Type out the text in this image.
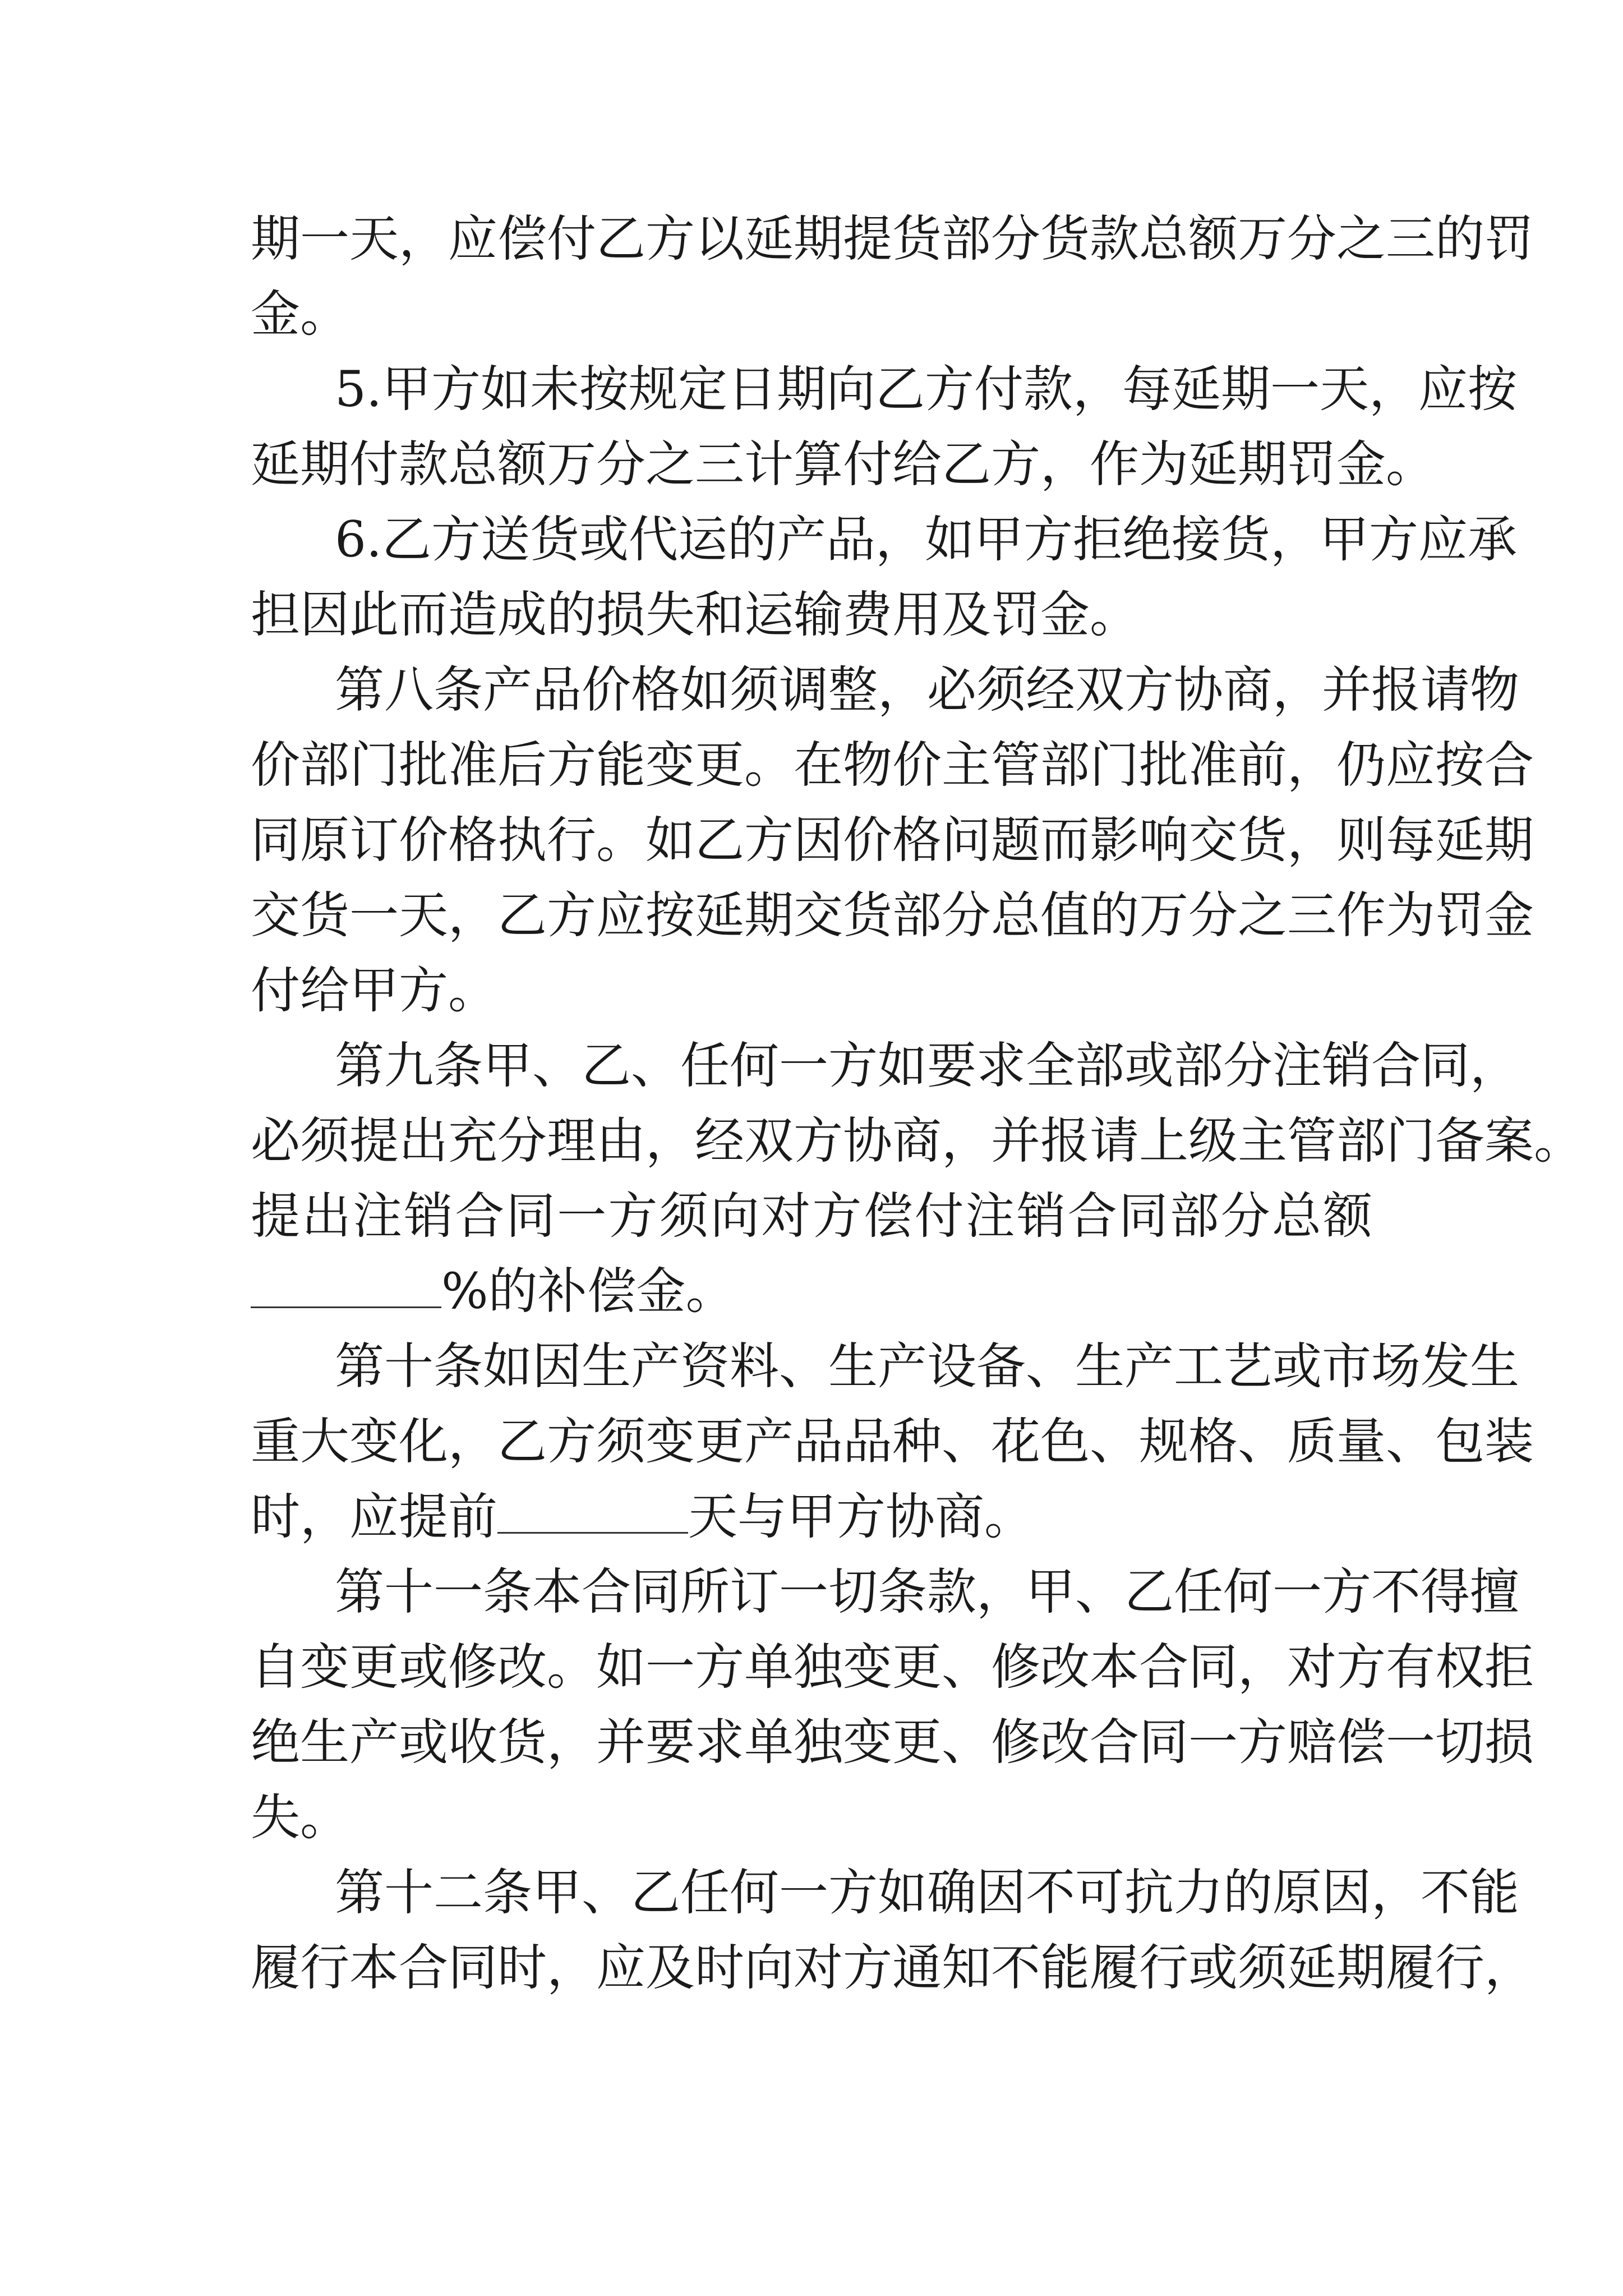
期一天，应偿付乙方以延期提货部分货款总额万分之三的罚
金。
5.甲方如未按规定日期向乙方付款，每延期一天，应按
延期付款总额万分之三计算付给乙方，作为延期罚金。
6.乙方送货或代运的产品，如甲方拒绝接货，甲方应承
担因此而造成的损失和运输费用及罚金。
第八条产品价格如须调整，必须经双方协商，并报请物
价部门批准后方能变更。在物价主管部门批准前，仍应按合
同原订价格执行。如乙方因价格问题而影响交货，则每延期
交货一天，乙方应按延期交货部分总值的万分之三作为罚金
付给甲方。
第九条甲、乙、任何一方如要求全部或部分注销合同，
必须提出充分理由，经双方协商，并报请上级主管部门备案。
提出注销合同一方须向对方偿付注销合同部分总额
%的补偿金。
第十条如因生产资料、生产设备、生产工艺或市场发生
重大变化，乙方须变更产品品种、花色、规格、质量、包装
时，应提前	天与甲方协商。
第十一条本合同所订一切条款，甲、乙任何一方不得擅
自变更或修改。如一方单独变更、修改本合同，对方有权拒
绝生产或收货，并要求单独变更、修改合同一方赔偿一切损
失。
第十二条甲、乙任何一方如确因不可抗力的原因，不能
履行本合同时，应及时向对方通知不能履行或须延期履行，
